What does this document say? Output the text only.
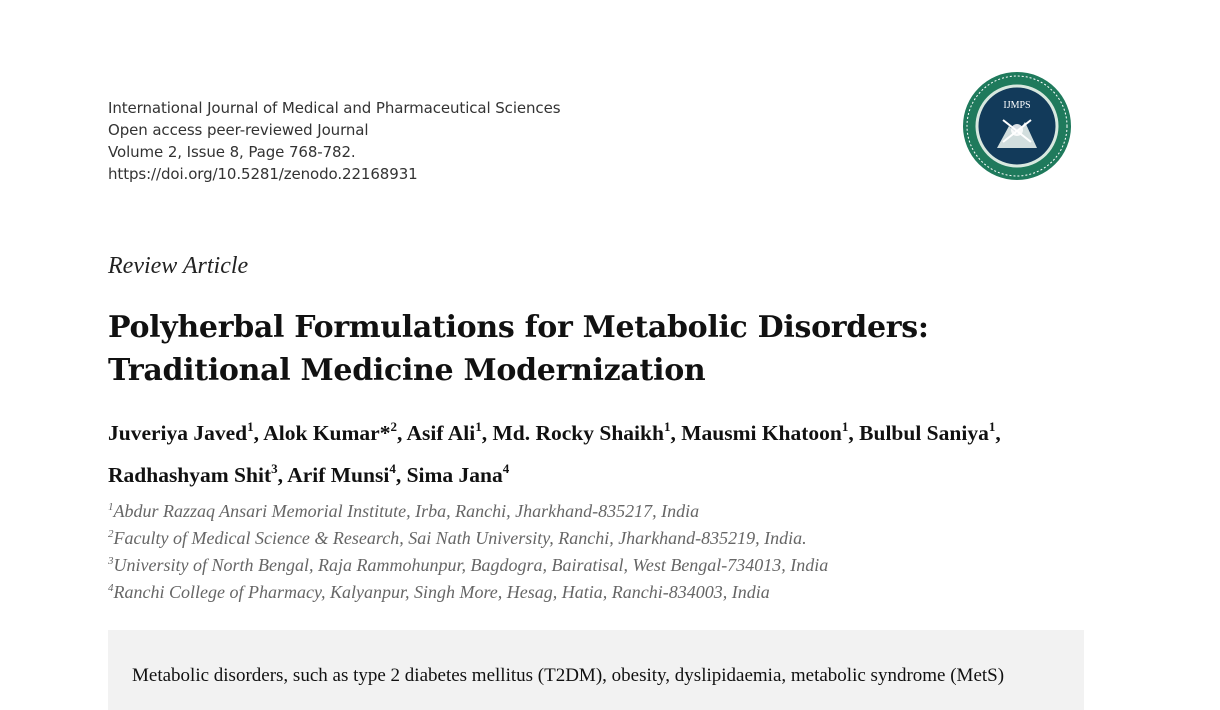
International Journal of Medical and Pharmaceutical Sciences
Open access peer-reviewed Journal
Volume 2, Issue 8, Page 768-782.
https://doi.org/10.5281/zenodo.22168931
IJMPS
Review Article
Polyherbal Formulations for Metabolic Disorders:
Traditional Medicine Modernization
Juveriya Javed$^1$, Alok Kumar*$^2$, Asif Ali$^1$, Md. Rocky Shaikh$^1$, Mausmi Khatoon$^1$, Bulbul Saniya$^1$, Radhashyam Shit$^3$, Arif Munsi$^4$, Sima Jana$^4$
$^1$Abdur Razzaq Ansari Memorial Institute, Irba, Ranchi, Jharkhand-835217, India
$^2$Faculty of Medical Science & Research, Sai Nath University, Ranchi, Jharkhand-835219, India.
$^3$University of North Bengal, Raja Rammohunpur, Bagdogra, Bairatisal, West Bengal-734013, India
$^4$Ranchi College of Pharmacy, Kalyanpur, Singh More, Hesag, Hatia, Ranchi-834003, India
Metabolic disorders, such as type 2 diabetes mellitus (T2DM), obesity, dyslipidaemia, metabolic syndrome (MetS)
